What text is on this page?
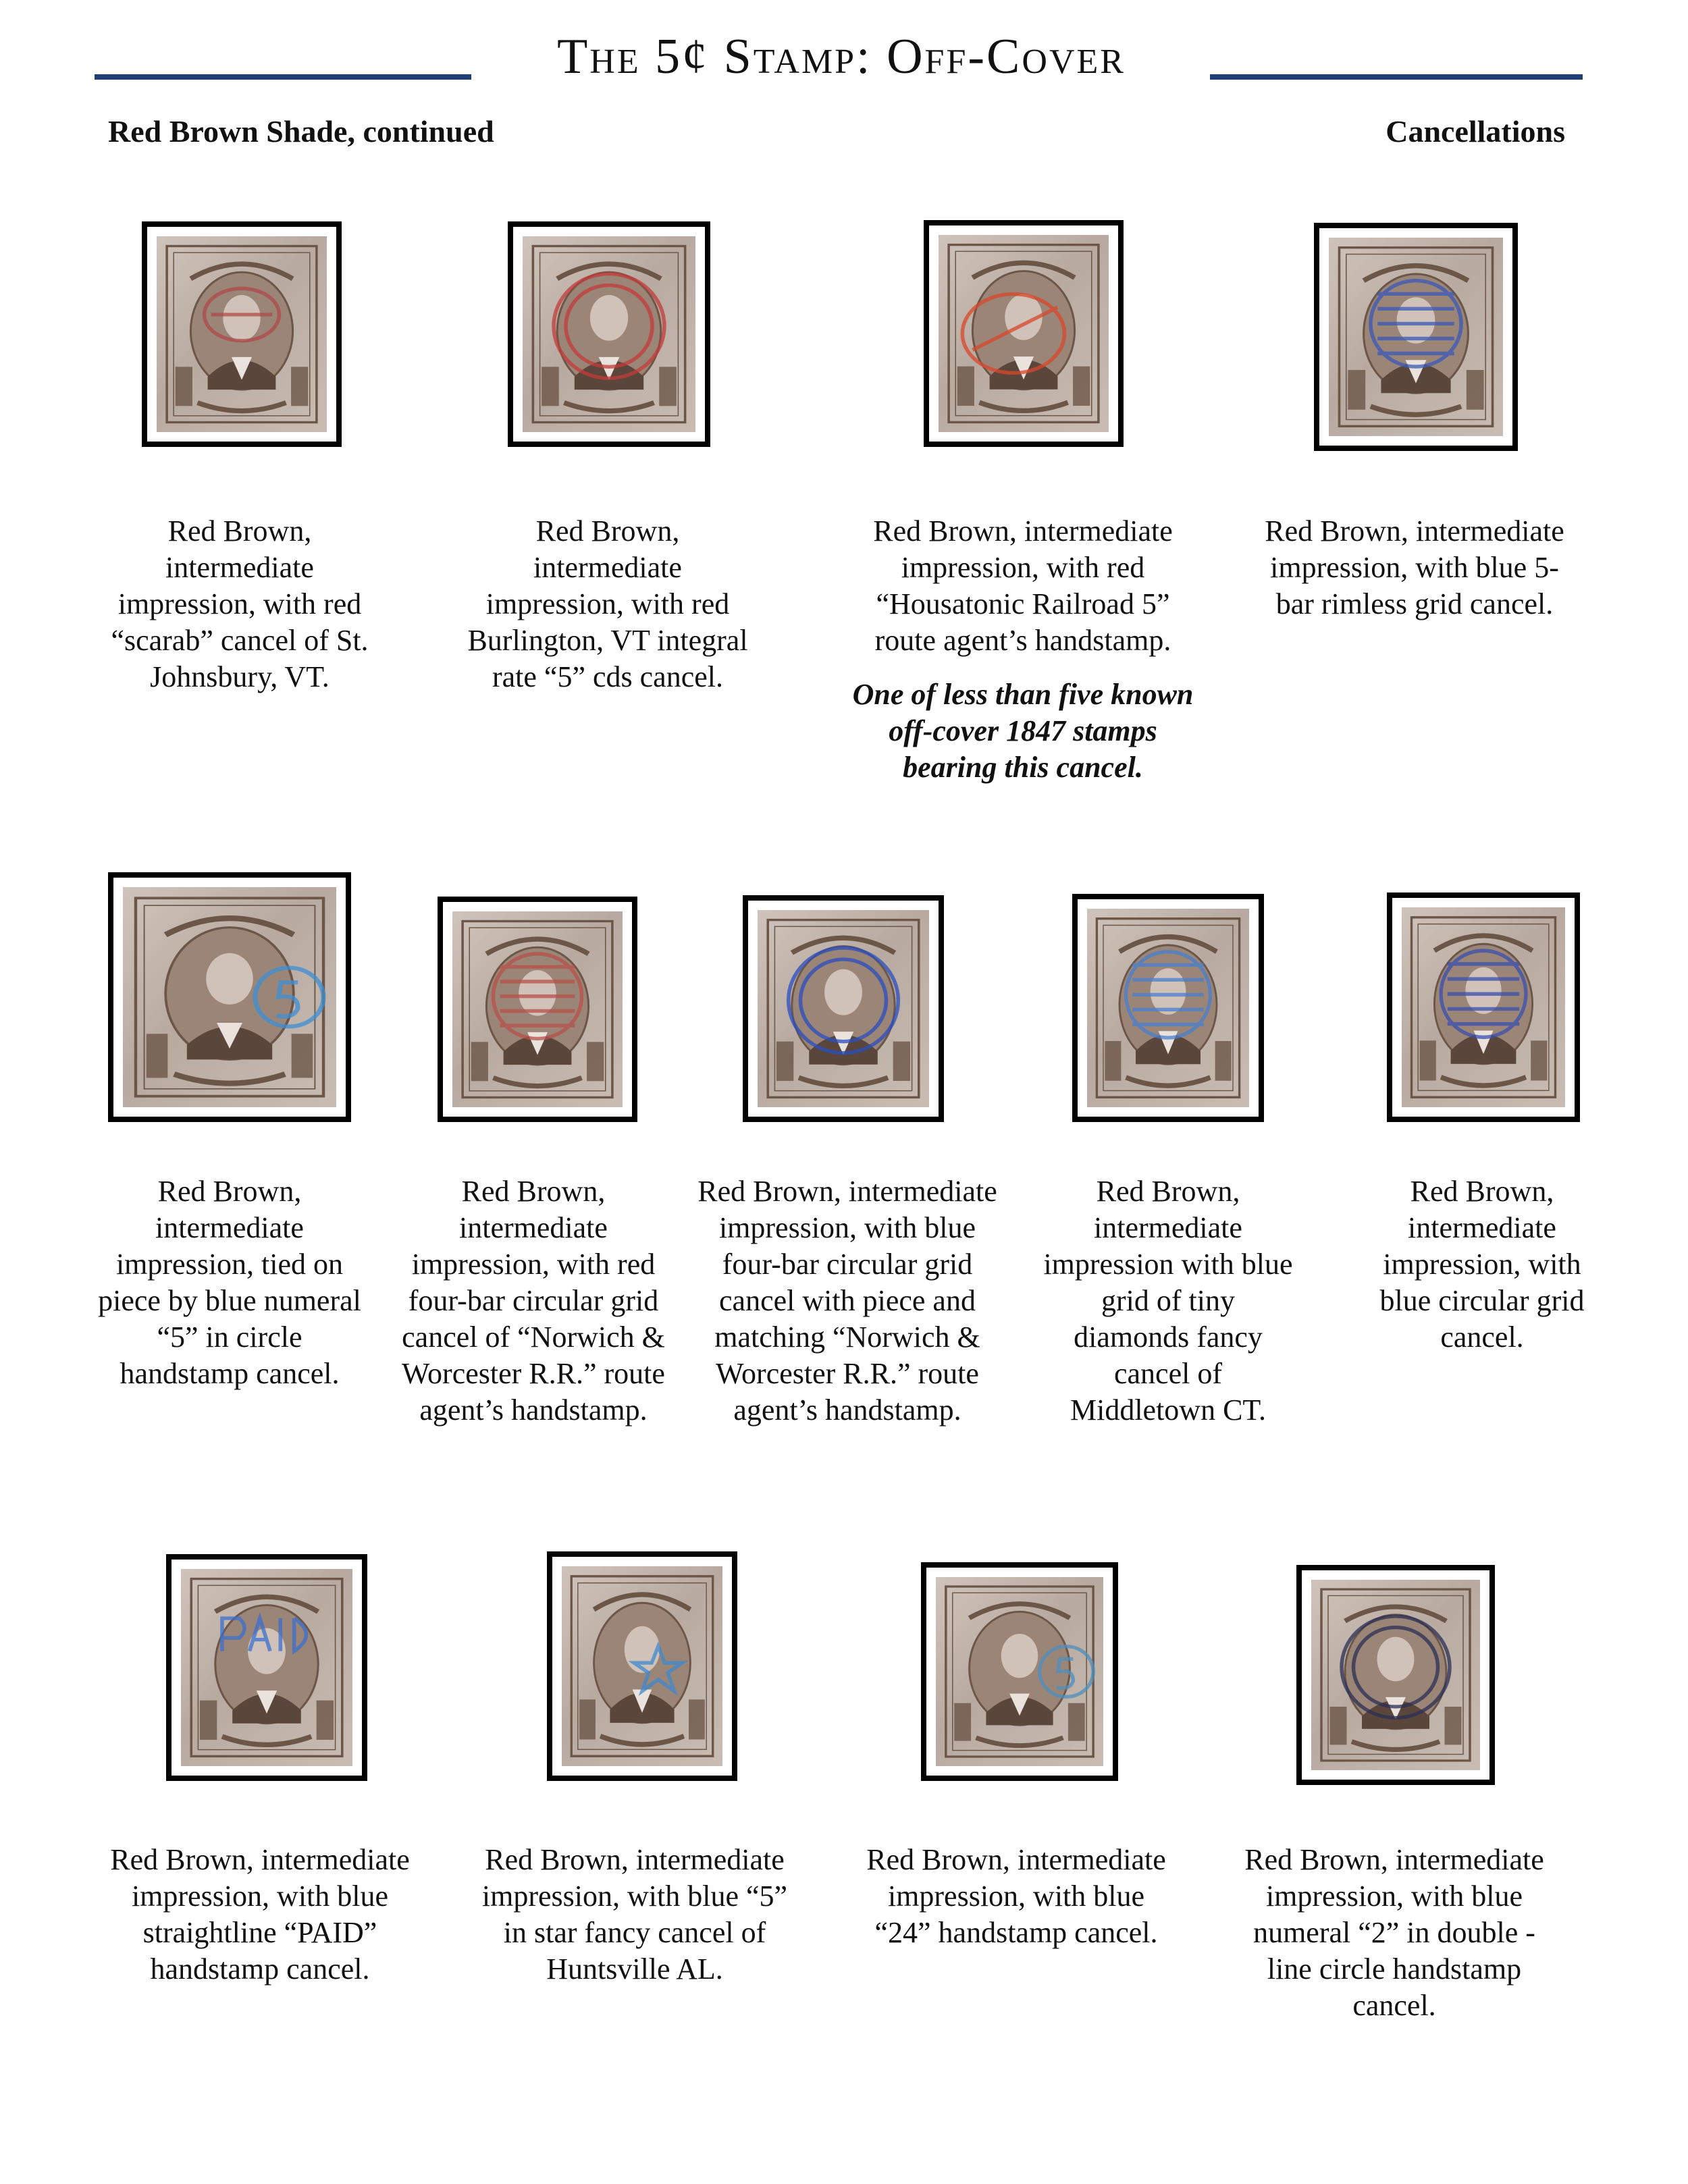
The 5¢ Stamp: Off-Cover
Red Brown Shade, continued	Cancellations
Red Brown, intermediate impression, with red “scarab” cancel of St. Johnsbury, VT.
Red Brown, intermediate impression, with red Burlington, VT integral rate “5” cds cancel.
Red Brown, intermediate impression, with red “Housatonic Railroad 5” route agent’s handstamp.
One of less than five known off-cover 1847 stamps bearing this cancel.
Red Brown, intermediate impression, with blue 5-bar rimless grid cancel.
Red Brown, intermediate impression, tied on piece by blue numeral “5” in circle handstamp cancel.
Red Brown, intermediate impression, with red four-bar circular grid cancel of “Norwich & Worcester R.R.” route agent’s handstamp.
Red Brown, intermediate impression, with blue four-bar circular grid cancel with piece and matching “Norwich & Worcester R.R.” route agent’s handstamp.
Red Brown, intermediate impression with blue grid of tiny diamonds fancy cancel of Middletown CT.
Red Brown, intermediate impression, with blue circular grid cancel.
Red Brown, intermediate impression, with blue straightline “PAID” handstamp cancel.
Red Brown, intermediate impression, with blue “5” in star fancy cancel of Huntsville AL.
Red Brown, intermediate impression, with blue “24” handstamp cancel.
Red Brown, intermediate impression, with blue numeral “2” in double -line circle handstamp cancel.
